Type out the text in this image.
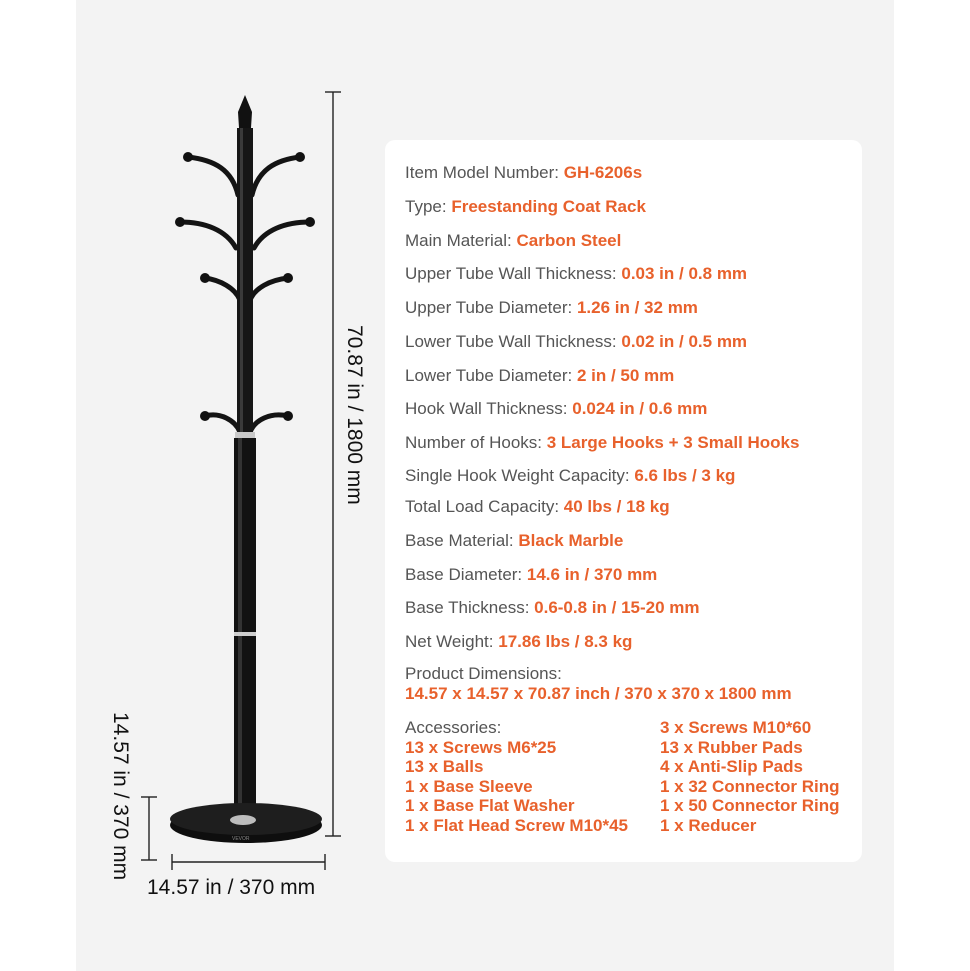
VEVOR
70.87 in / 1800 mm
14.57 in / 370 mm
14.57 in / 370 mm
Item Model Number: GH-6206s
Type: Freestanding Coat Rack
Main Material: Carbon Steel
Upper Tube Wall Thickness: 0.03 in / 0.8 mm
Upper Tube Diameter: 1.26 in / 32 mm
Lower Tube Wall Thickness: 0.02 in / 0.5 mm
Lower Tube Diameter: 2 in / 50 mm
Hook Wall Thickness: 0.024 in / 0.6 mm
Number of Hooks: 3 Large Hooks + 3 Small Hooks
Single Hook Weight Capacity: 6.6 lbs / 3 kg
Total Load Capacity: 40 lbs / 18 kg
Base Material: Black Marble
Base Diameter: 14.6 in / 370 mm
Base Thickness: 0.6-0.8 in / 15-20 mm
Net Weight: 17.86 lbs / 8.3 kg
Product Dimensions:
14.57 x 14.57 x 70.87 inch / 370 x 370 x 1800 mm
Accessories:
13 x Screws M6*25
13 x Balls
1 x Base Sleeve
1 x Base Flat Washer
1 x Flat Head Screw M10*45
3 x Screws M10*60
13 x Rubber Pads
4 x Anti-Slip Pads
1 x 32 Connector Ring
1 x 50 Connector Ring
1 x Reducer
